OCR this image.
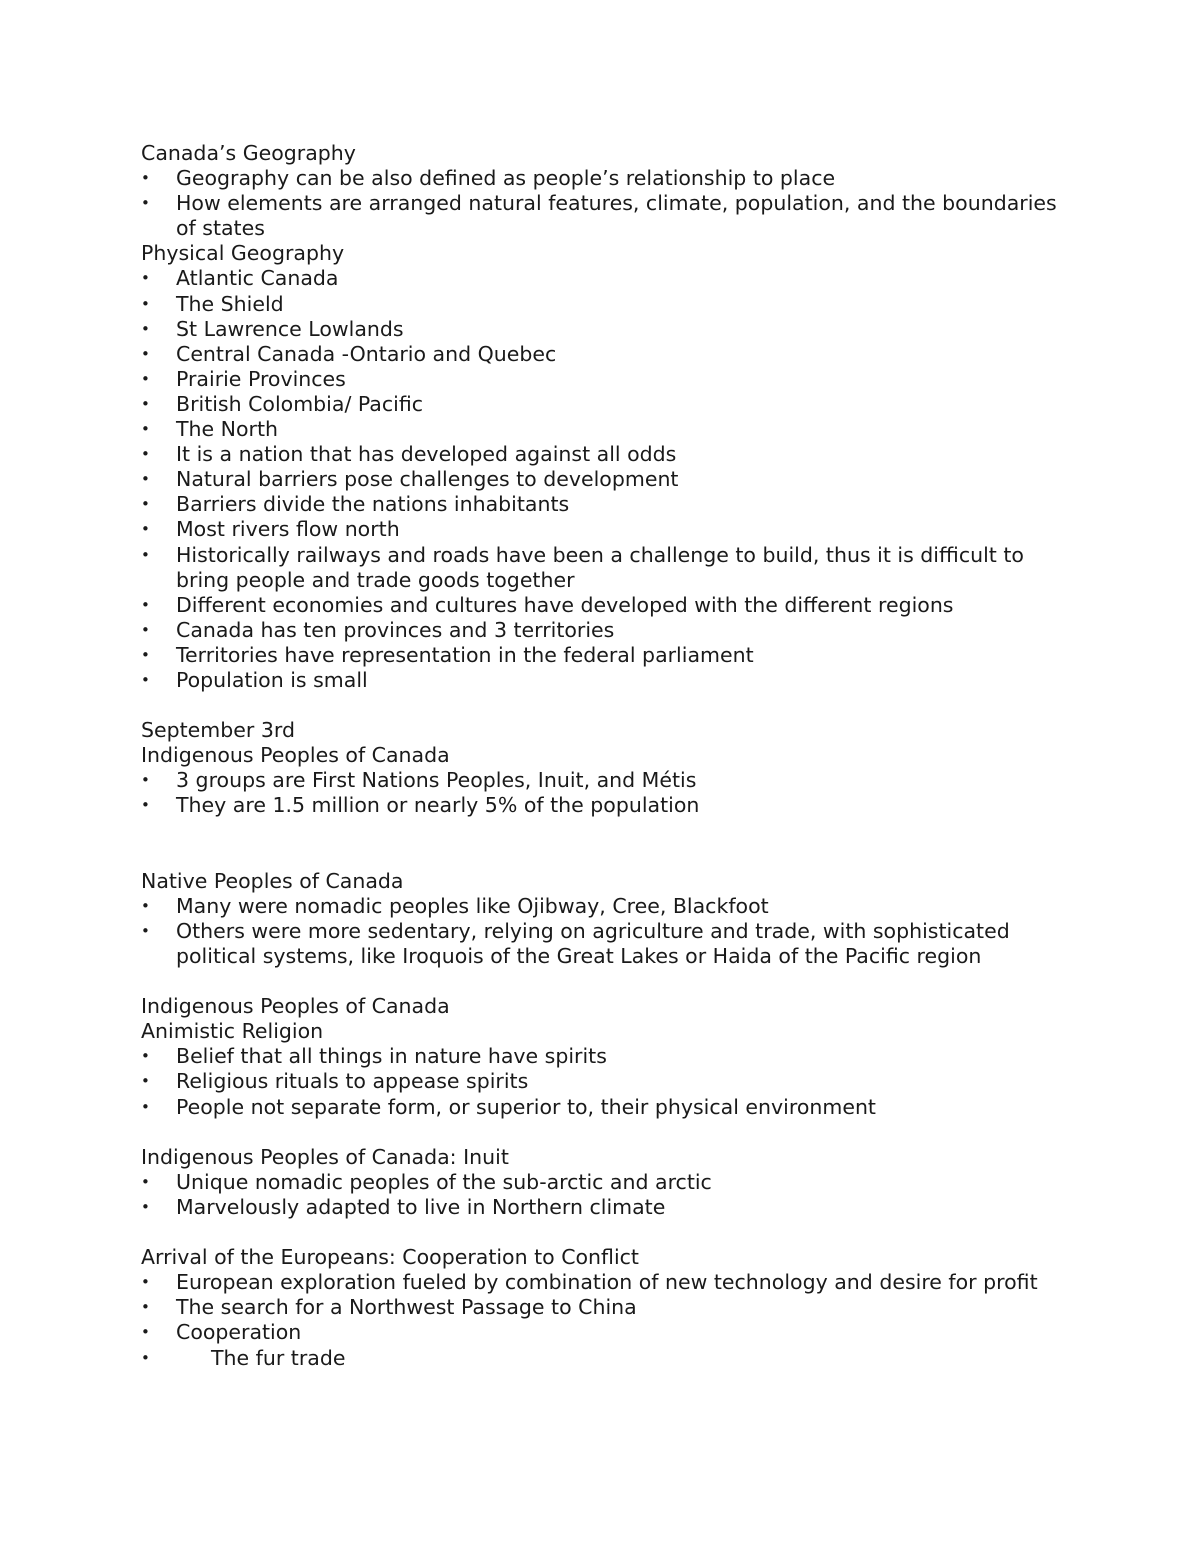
Canada’s Geography
•	Geography can be also defined as people’s relationship to place
•	How elements are arranged natural features, climate, population, and the boundaries of states
Physical Geography
•	Atlantic Canada
•	The Shield
•	St Lawrence Lowlands
•	Central Canada -Ontario and Quebec
•	Prairie Provinces
•	British Colombia/ Pacific
•	The North
•	It is a nation that has developed against all odds
•	Natural barriers pose challenges to development
•	Barriers divide the nations inhabitants
•	Most rivers flow north
•	Historically railways and roads have been a challenge to build, thus it is difficult to bring people and trade goods together
•	Different economies and cultures have developed with the different regions
•	Canada has ten provinces and 3 territories
•	Territories have representation in the federal parliament
•	Population is small
September 3rd
Indigenous Peoples of Canada
•	3 groups are First Nations Peoples, Inuit, and Métis
•	They are 1.5 million or nearly 5% of the population
Native Peoples of Canada
•	Many were nomadic peoples like Ojibway, Cree, Blackfoot
•	Others were more sedentary, relying on agriculture and trade, with sophisticated political systems, like Iroquois of the Great Lakes or Haida of the Pacific region
Indigenous Peoples of Canada
Animistic Religion
•	Belief that all things in nature have spirits
•	Religious rituals to appease spirits
•	People not separate form, or superior to, their physical environment
Indigenous Peoples of Canada: Inuit
•	Unique nomadic peoples of the sub-arctic and arctic
•	Marvelously adapted to live in Northern climate
Arrival of the Europeans: Cooperation to Conflict
•	European exploration fueled by combination of new technology and desire for profit
•	The search for a Northwest Passage to China
•	Cooperation
•	The fur trade
